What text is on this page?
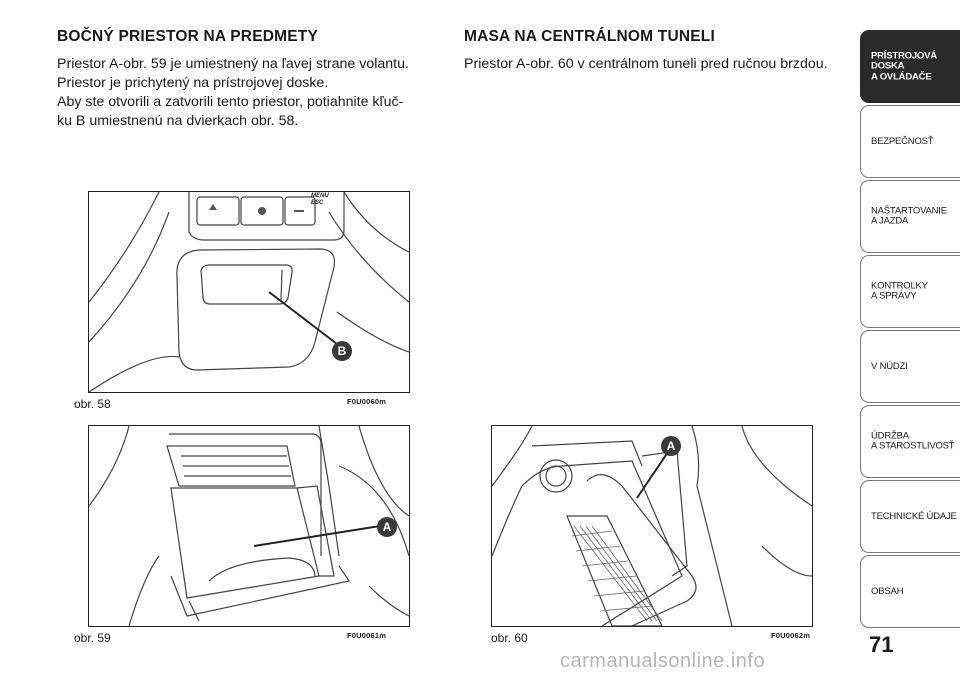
BOČNÝ PRIESTOR NA PREDMETY
Priestor A-obr. 59 je umiestnený na ľavej strane volantu.
Priestor je prichytený na prístrojovej doske.
Aby ste otvorili a zatvorili tento priestor, potiahnite kľuč-
ku B umiestnenú na dvierkach obr. 58.
MASA NA CENTRÁLNOM TUNELI
Priestor A-obr. 60 v centrálnom tuneli pred ručnou brzdou.
B
MENU
ESC
obr. 58	F0U0060m
A
obr. 59	F0U0061m
A
obr. 60	F0U0062m
PRÍSTROJOVÁ
DOSKA
A OVLÁDAČE
BEZPEČNOSŤ
NAŠTARTOVANIE
A JAZDA
KONTROLKY
A SPRÁVY
V NÚDZI
ÚDRŽBA
A STAROSTLIVOSŤ
TECHNICKÉ ÚDAJE
OBSAH
71
carmanualsonline.info
